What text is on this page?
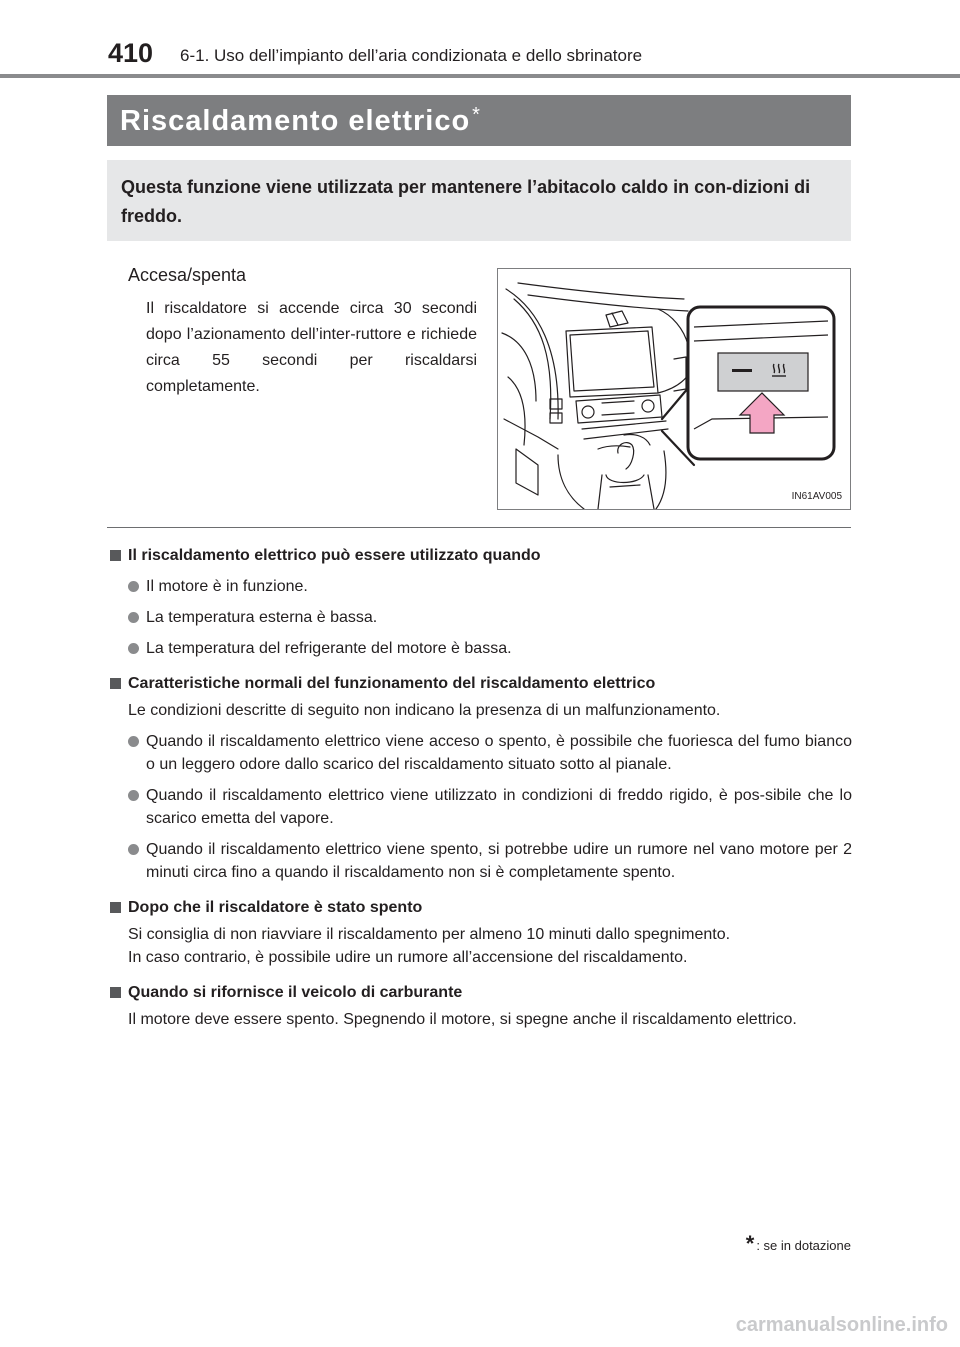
410 6-1. Uso dell’impianto dell’aria condizionata e dello sbrinatore
Riscaldamento elettrico *
Questa funzione viene utilizzata per mantenere l’abitacolo caldo in con-dizioni di freddo.
Accesa/spenta
Il riscaldatore si accende circa 30 secondi dopo l’azionamento dell’inter-ruttore e richiede circa 55 secondi per riscaldarsi completamente.
IN61AV005
Il riscaldamento elettrico può essere utilizzato quando
Il motore è in funzione.
La temperatura esterna è bassa.
La temperatura del refrigerante del motore è bassa.
Caratteristiche normali del funzionamento del riscaldamento elettrico
Le condizioni descritte di seguito non indicano la presenza di un malfunzionamento.
Quando il riscaldamento elettrico viene acceso o spento, è possibile che fuoriesca del fumo bianco o un leggero odore dallo scarico del riscaldamento situato sotto al pianale.
Quando il riscaldamento elettrico viene utilizzato in condizioni di freddo rigido, è pos-sibile che lo scarico emetta del vapore.
Quando il riscaldamento elettrico viene spento, si potrebbe udire un rumore nel vano motore per 2 minuti circa fino a quando il riscaldamento non si è completamente spento.
Dopo che il riscaldatore è stato spento
Si consiglia di non riavviare il riscaldamento per almeno 10 minuti dallo spegnimento.
In caso contrario, è possibile udire un rumore all’accensione del riscaldamento.
Quando si rifornisce il veicolo di carburante
Il motore deve essere spento. Spegnendo il motore, si spegne anche il riscaldamento elettrico.
* : se in dotazione
carmanualsonline.info
